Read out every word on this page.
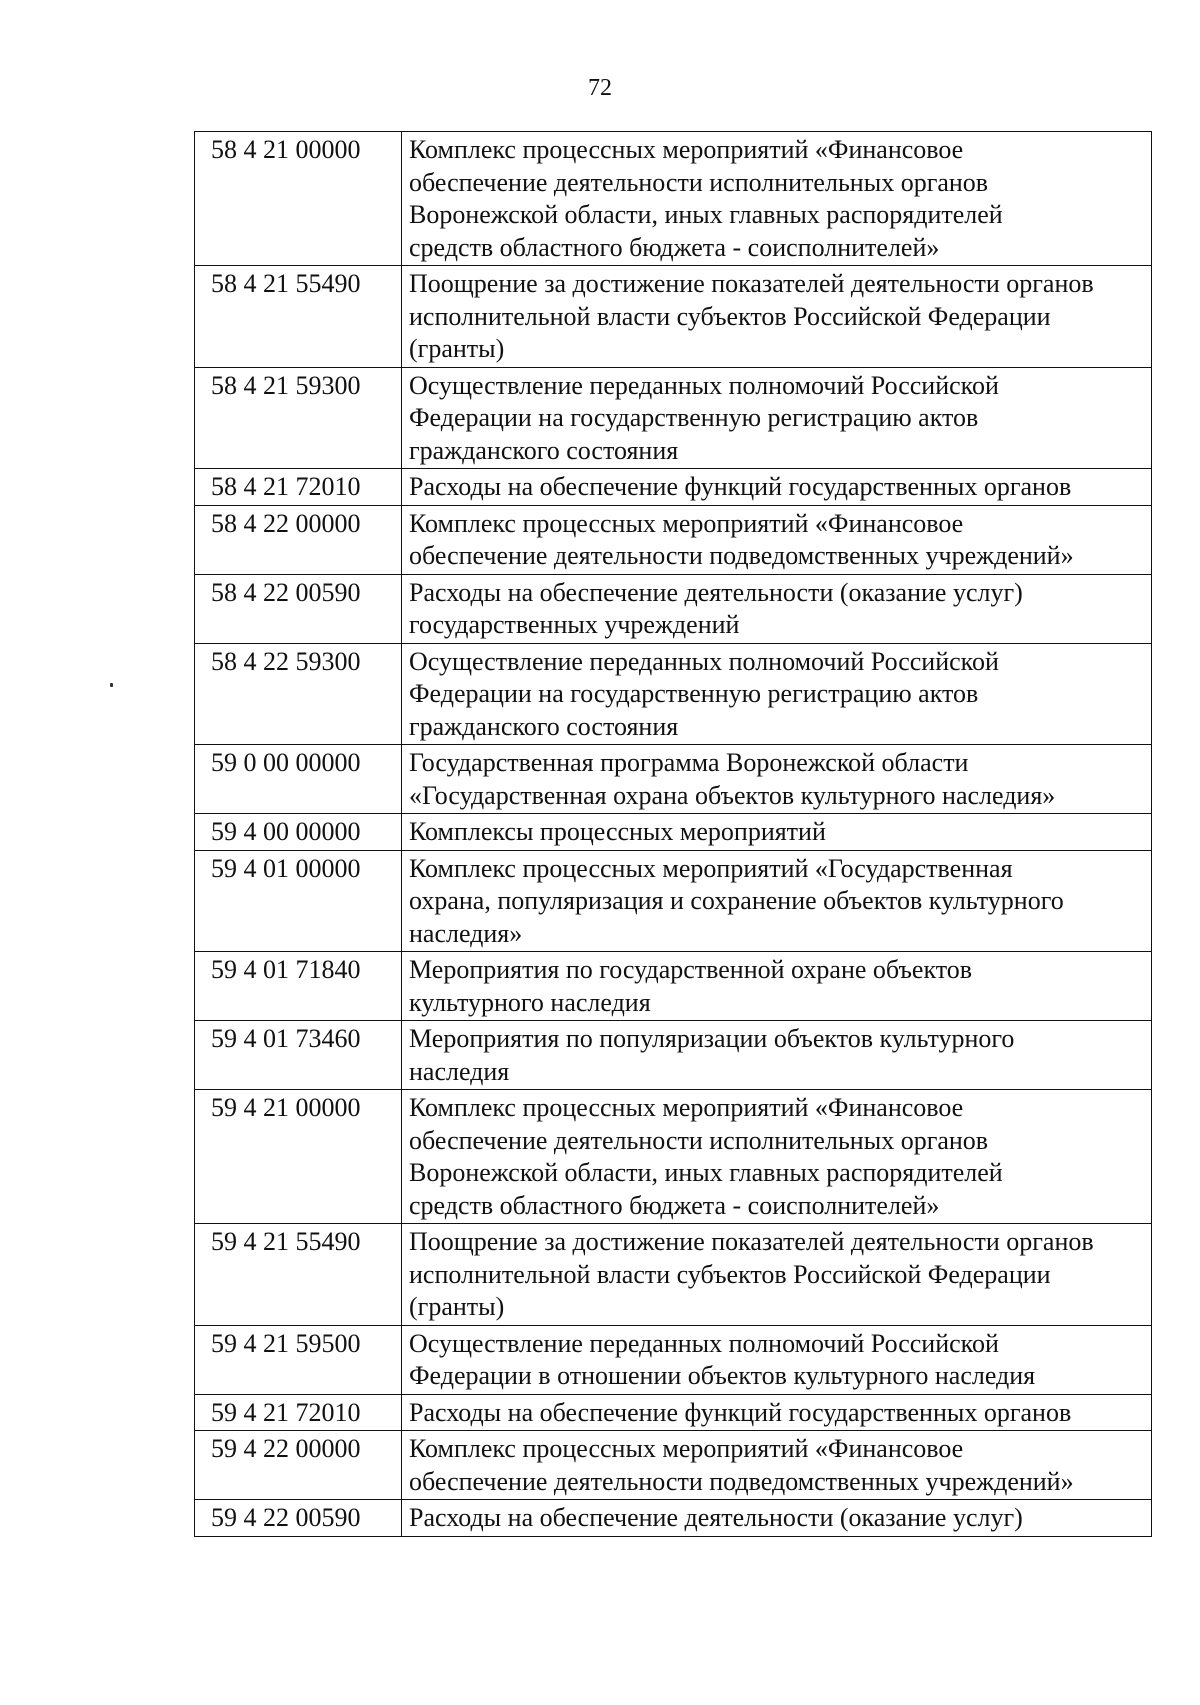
72
58 4 21 00000	Комплекс процессных мероприятий «Финансовое
обеспечение деятельности исполнительных органов
Воронежской области, иных главных распорядителей
средств областного бюджета - соисполнителей»

58 4 21 55490	Поощрение за достижение показателей деятельности органов
исполнительной власти субъектов Российской Федерации
(гранты)

58 4 21 59300	Осуществление переданных полномочий Российской
Федерации на государственную регистрацию актов
гражданского состояния

58 4 21 72010	Расходы на обеспечение функций государственных органов

58 4 22 00000	Комплекс процессных мероприятий «Финансовое
обеспечение деятельности подведомственных учреждений»

58 4 22 00590	Расходы на обеспечение деятельности (оказание услуг)
государственных учреждений

58 4 22 59300	Осуществление переданных полномочий Российской
Федерации на государственную регистрацию актов
гражданского состояния

59 0 00 00000	Государственная программа Воронежской области
«Государственная охрана объектов культурного наследия»

59 4 00 00000	Комплексы процессных мероприятий

59 4 01 00000	Комплекс процессных мероприятий «Государственная
охрана, популяризация и сохранение объектов культурного
наследия»

59 4 01 71840	Мероприятия по государственной охране объектов
культурного наследия

59 4 01 73460	Мероприятия по популяризации объектов культурного
наследия

59 4 21 00000	Комплекс процессных мероприятий «Финансовое
обеспечение деятельности исполнительных органов
Воронежской области, иных главных распорядителей
средств областного бюджета - соисполнителей»

59 4 21 55490	Поощрение за достижение показателей деятельности органов
исполнительной власти субъектов Российской Федерации
(гранты)

59 4 21 59500	Осуществление переданных полномочий Российской
Федерации в отношении объектов культурного наследия

59 4 21 72010	Расходы на обеспечение функций государственных органов

59 4 22 00000	Комплекс процессных мероприятий «Финансовое
обеспечение деятельности подведомственных учреждений»

59 4 22 00590	Расходы на обеспечение деятельности (оказание услуг)
